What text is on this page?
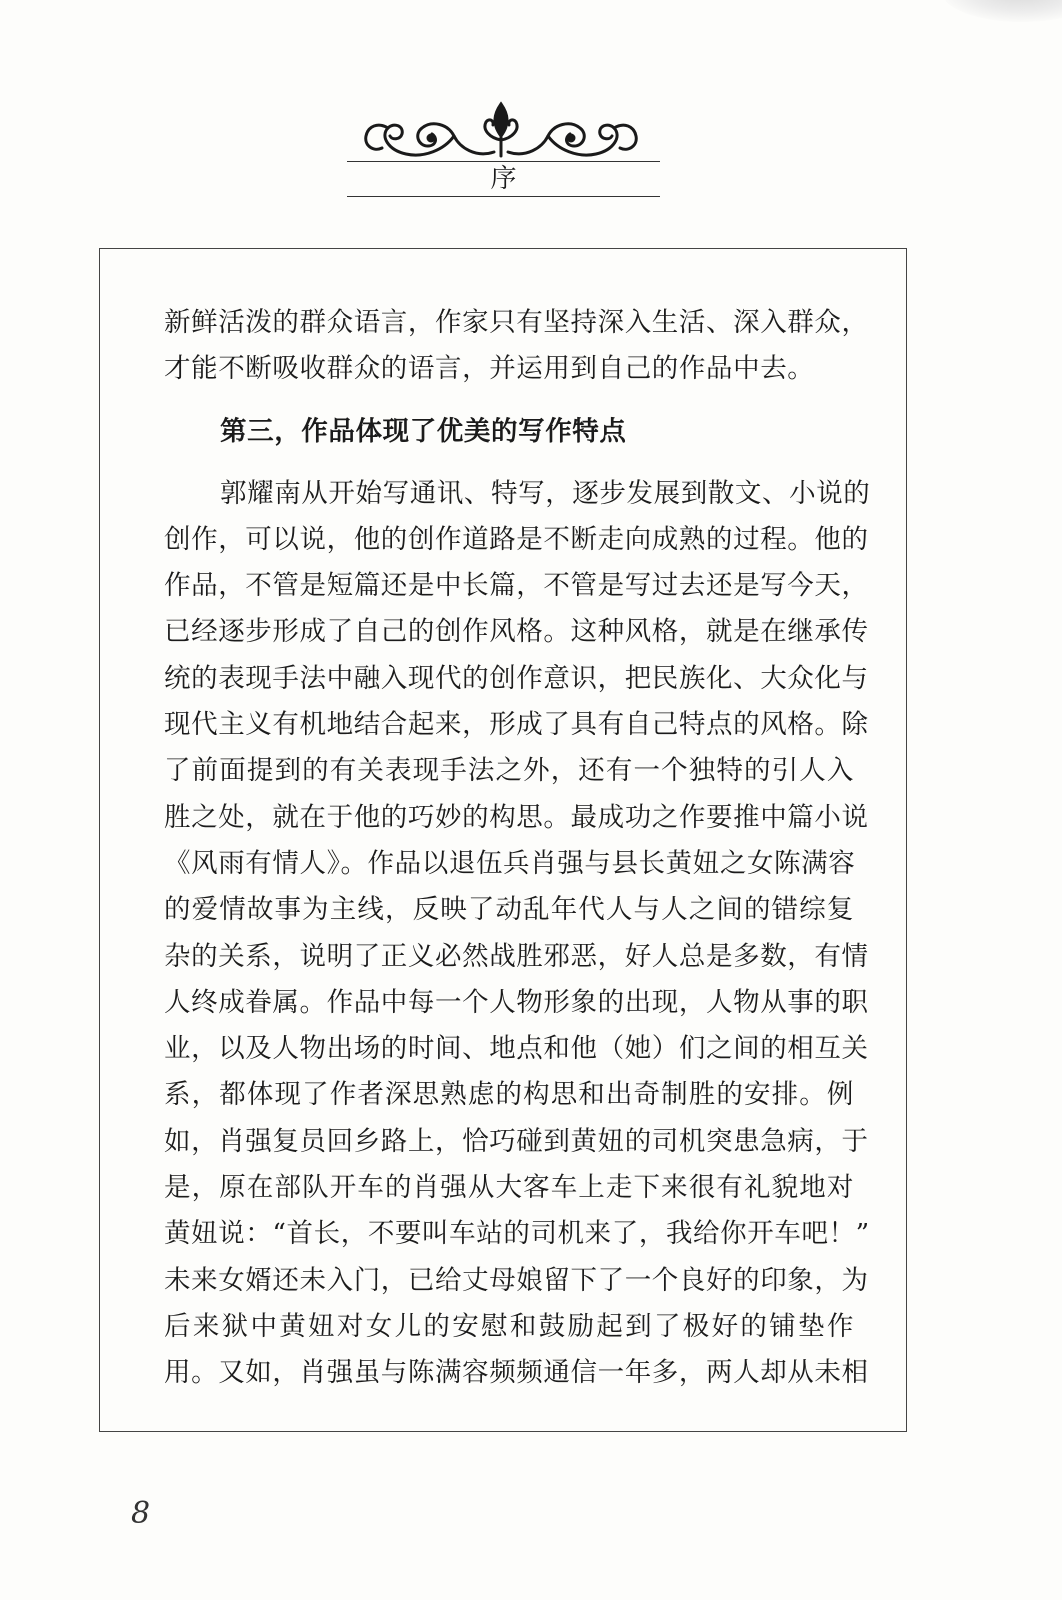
序
新鲜活泼的群众语言，作家只有坚持深入生活、深入群众，
才能不断吸收群众的语言，并运用到自己的作品中去。
第三，作品体现了优美的写作特点
郭耀南从开始写通讯、特写，逐步发展到散文、小说的
创作，可以说，他的创作道路是不断走向成熟的过程。他的
作品，不管是短篇还是中长篇，不管是写过去还是写今天，
已经逐步形成了自己的创作风格。这种风格，就是在继承传
统的表现手法中融入现代的创作意识，把民族化、大众化与
现代主义有机地结合起来，形成了具有自己特点的风格。除
了前面提到的有关表现手法之外，还有一个独特的引人入
胜之处，就在于他的巧妙的构思。最成功之作要推中篇小说
《风雨有情人》。作品以退伍兵肖强与县长黄妞之女陈满容
的爱情故事为主线，反映了动乱年代人与人之间的错综复
杂的关系，说明了正义必然战胜邪恶，好人总是多数，有情
人终成眷属。作品中每一个人物形象的出现，人物从事的职
业，以及人物出场的时间、地点和他（她）们之间的相互关
系，都体现了作者深思熟虑的构思和出奇制胜的安排。例
如，肖强复员回乡路上，恰巧碰到黄妞的司机突患急病，于
是，原在部队开车的肖强从大客车上走下来很有礼貌地对
黄妞说：“首长，不要叫车站的司机来了，我给你开车吧！”
未来女婿还未入门，已给丈母娘留下了一个良好的印象，为
后来狱中黄妞对女儿的安慰和鼓励起到了极好的铺垫作
用。又如，肖强虽与陈满容频频通信一年多，两人却从未相
8
